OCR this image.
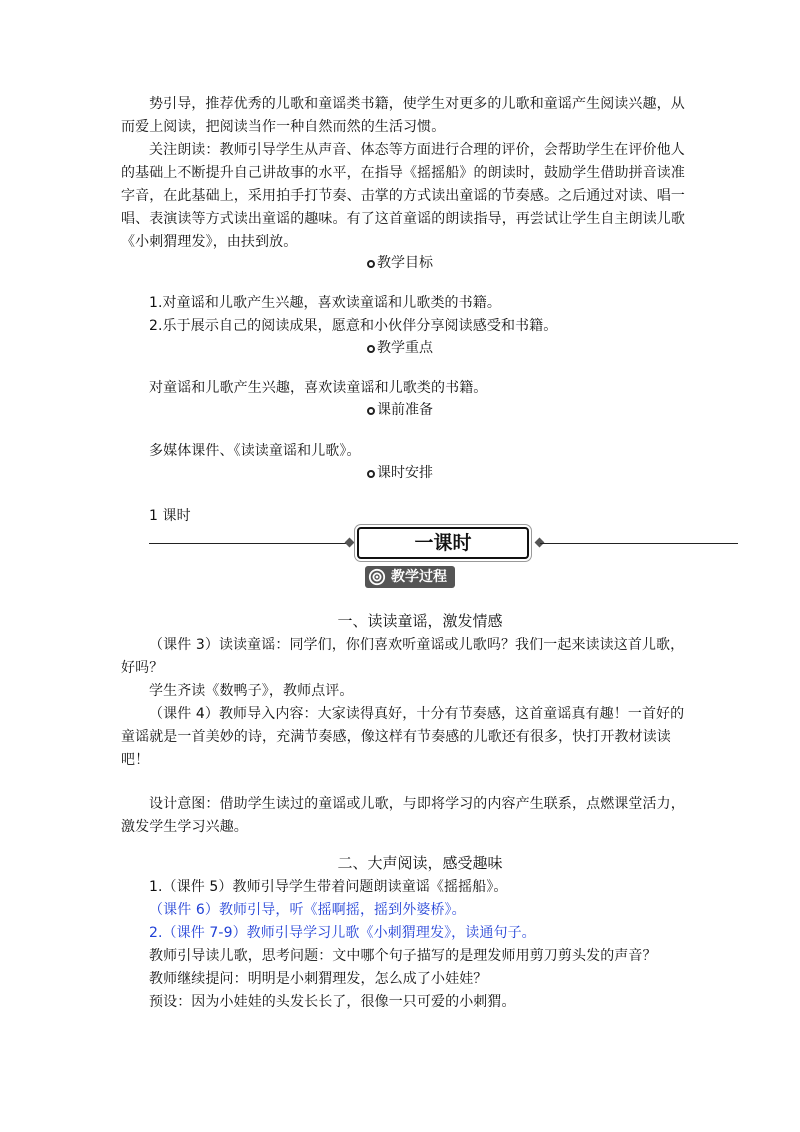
势引导，推荐优秀的儿歌和童谣类书籍，使学生对更多的儿歌和童谣产生阅读兴趣，从而爱上阅读，把阅读当作一种自然而然的生活习惯。

关注朗读：教师引导学生从声音、体态等方面进行合理的评价，会帮助学生在评价他人的基础上不断提升自己讲故事的水平，在指导《摇摇船》的朗读时，鼓励学生借助拼音读准字音，在此基础上，采用拍手打节奏、击掌的方式读出童谣的节奏感。之后通过对读、唱一唱、表演读等方式读出童谣的趣味。有了这首童谣的朗读指导，再尝试让学生自主朗读儿歌《小刺猬理发》，由扶到放。

教学目标

1.对童谣和儿歌产生兴趣，喜欢读童谣和儿歌类的书籍。

2.乐于展示自己的阅读成果，愿意和小伙伴分享阅读感受和书籍。

教学重点

对童谣和儿歌产生兴趣，喜欢读童谣和儿歌类的书籍。

课前准备

多媒体课件、《读读童谣和儿歌》。

课时安排

1 课时

一课时
教学过程
一、读读童谣，激发情感

（课件 3）读读童谣：同学们，你们喜欢听童谣或儿歌吗？我们一起来读读这首儿歌，好吗？

学生齐读《数鸭子》，教师点评。

（课件 4）教师导入内容：大家读得真好，十分有节奏感，这首童谣真有趣！一首好的童谣就是一首美妙的诗，充满节奏感，像这样有节奏感的儿歌还有很多，快打开教材读读吧！

设计意图：借助学生读过的童谣或儿歌，与即将学习的内容产生联系，点燃课堂活力，激发学生学习兴趣。

二、大声阅读，感受趣味

1.（课件 5）教师引导学生带着问题朗读童谣《摇摇船》。

（课件 6）教师引导，听《摇啊摇，摇到外婆桥》。

2.（课件 7-9）教师引导学习儿歌《小刺猬理发》，读通句子。

教师引导读儿歌，思考问题：文中哪个句子描写的是理发师用剪刀剪头发的声音？

教师继续提问：明明是小刺猬理发，怎么成了小娃娃？

预设：因为小娃娃的头发长长了，很像一只可爱的小刺猬。
